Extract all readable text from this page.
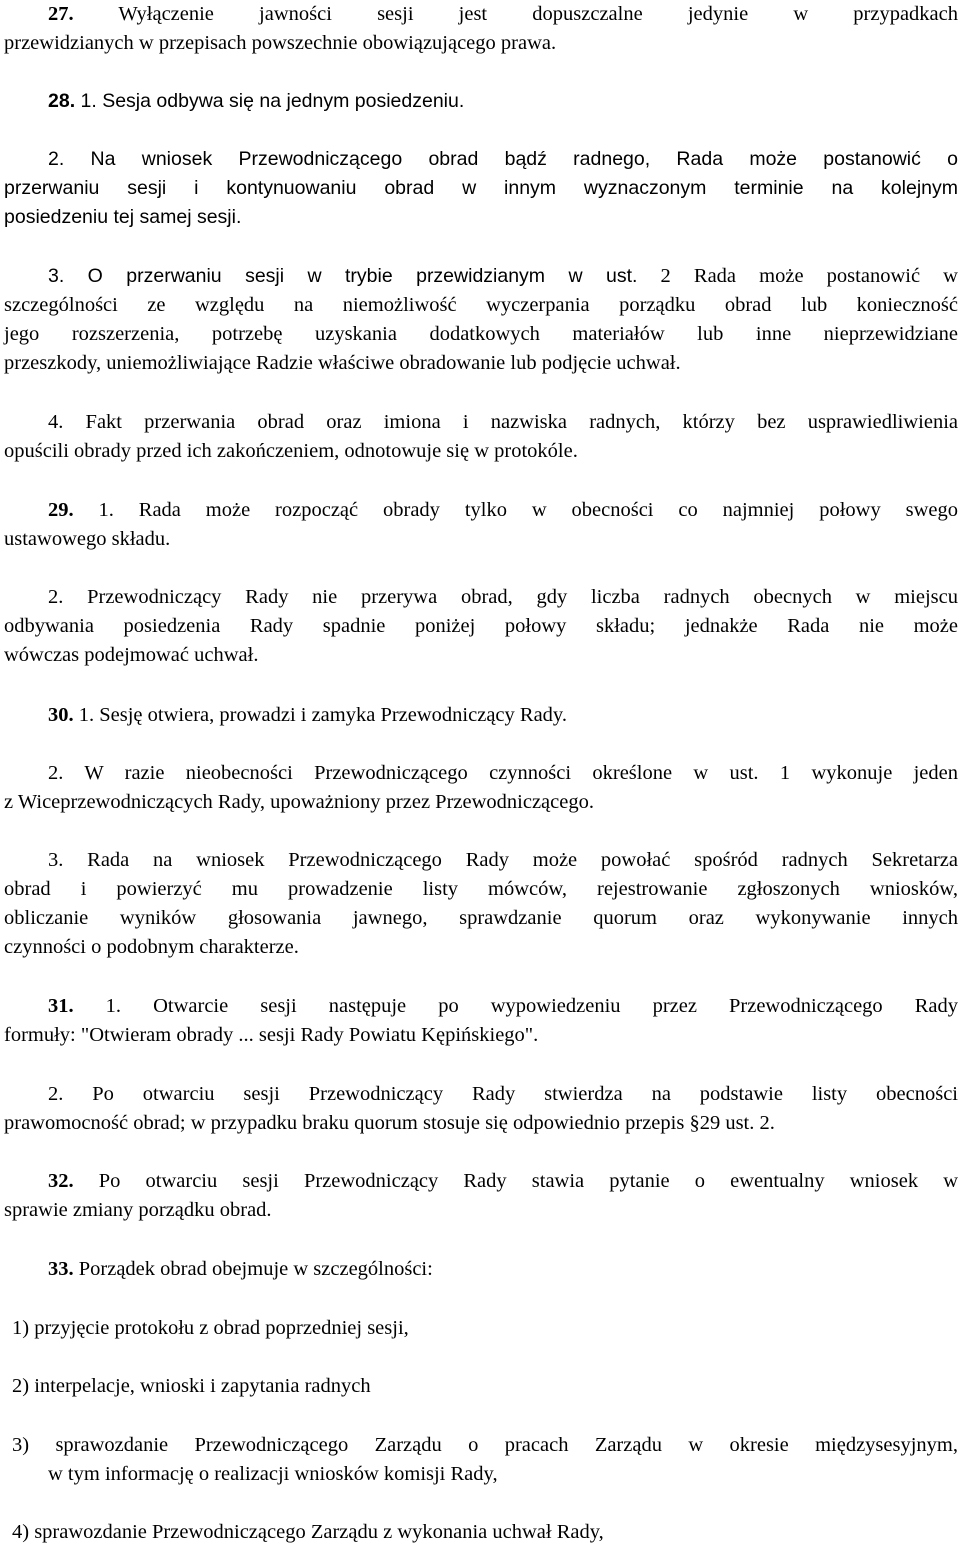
27. Wyłączenie jawności sesji jest dopuszczalne jedynie w przypadkach
przewidzianych w przepisach powszechnie obowiązującego prawa.
28. 1. Sesja odbywa się na jednym posiedzeniu.
2. Na wniosek Przewodniczącego obrad bądź radnego, Rada może postanowić o
przerwaniu sesji i kontynuowaniu obrad w innym wyznaczonym terminie na kolejnym
posiedzeniu tej samej sesji.
3. O przerwaniu sesji w trybie przewidzianym w ust. 2 Rada może postanowić w
szczególności ze względu na niemożliwość wyczerpania porządku obrad lub konieczność
jego rozszerzenia, potrzebę uzyskania dodatkowych materiałów lub inne nieprzewidziane
przeszkody, uniemożliwiające Radzie właściwe obradowanie lub podjęcie uchwał.
4. Fakt przerwania obrad oraz imiona i nazwiska radnych, którzy bez usprawiedliwienia
opuścili obrady przed ich zakończeniem, odnotowuje się w protokóle.
29. 1. Rada może rozpocząć obrady tylko w obecności co najmniej połowy swego
ustawowego składu.
2. Przewodniczący Rady nie przerywa obrad, gdy liczba radnych obecnych w miejscu
odbywania posiedzenia Rady spadnie poniżej połowy składu; jednakże Rada nie może
wówczas podejmować uchwał.
30. 1. Sesję otwiera, prowadzi i zamyka Przewodniczący Rady.
2. W razie nieobecności Przewodniczącego czynności określone w ust. 1 wykonuje jeden
z Wiceprzewodniczących Rady, upoważniony przez Przewodniczącego.
3. Rada na wniosek Przewodniczącego Rady może powołać spośród radnych Sekretarza
obrad i powierzyć mu prowadzenie listy mówców, rejestrowanie zgłoszonych wniosków,
obliczanie wyników głosowania jawnego, sprawdzanie quorum oraz wykonywanie innych
czynności o podobnym charakterze.
31. 1. Otwarcie sesji następuje po wypowiedzeniu przez Przewodniczącego Rady
formuły: "Otwieram obrady ... sesji Rady Powiatu Kępińskiego".
2. Po otwarciu sesji Przewodniczący Rady stwierdza na podstawie listy obecności
prawomocność obrad; w przypadku braku quorum stosuje się odpowiednio przepis §29 ust. 2.
32. Po otwarciu sesji Przewodniczący Rady stawia pytanie o ewentualny wniosek w
sprawie zmiany porządku obrad.
33. Porządek obrad obejmuje w szczególności:
1) przyjęcie protokołu z obrad poprzedniej sesji,
2) interpelacje, wnioski i zapytania radnych
3) sprawozdanie Przewodniczącego Zarządu o pracach Zarządu w okresie międzysesyjnym,
w tym informację o realizacji wniosków komisji Rady,
4) sprawozdanie Przewodniczącego Zarządu z wykonania uchwał Rady,
